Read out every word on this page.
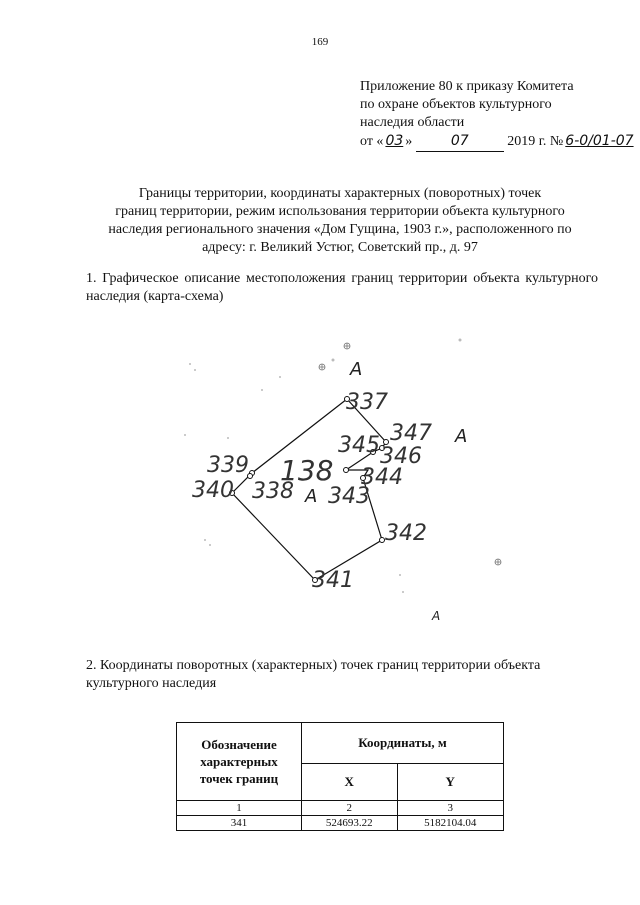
169
Приложение 80 к приказу Комитета
по охране объектов культурного
наследия области
от « 03 »	07	2019 г. № 6-0/01-07
Границы территории, координаты характерных (поворотных) точек
границ территории, режим использования территории объекта культурного
наследия регионального значения «Дом Гущина, 1903 г.», расположенного по
адресу: г. Великий Устюг, Советский пр., д. 97
1. Графическое описание местоположения границ территории объекта культурного наследия (карта-схема)
337
338
339
340
341
342
343
344
345 346
347
138
А
А
А
А
2. Координаты поворотных (характерных) точек границ территории объекта
культурного наследия
Обозначение
характерных
точек границ	Координаты, м	
	X	Y
1	2	3
341	524693.22	5182104.04
